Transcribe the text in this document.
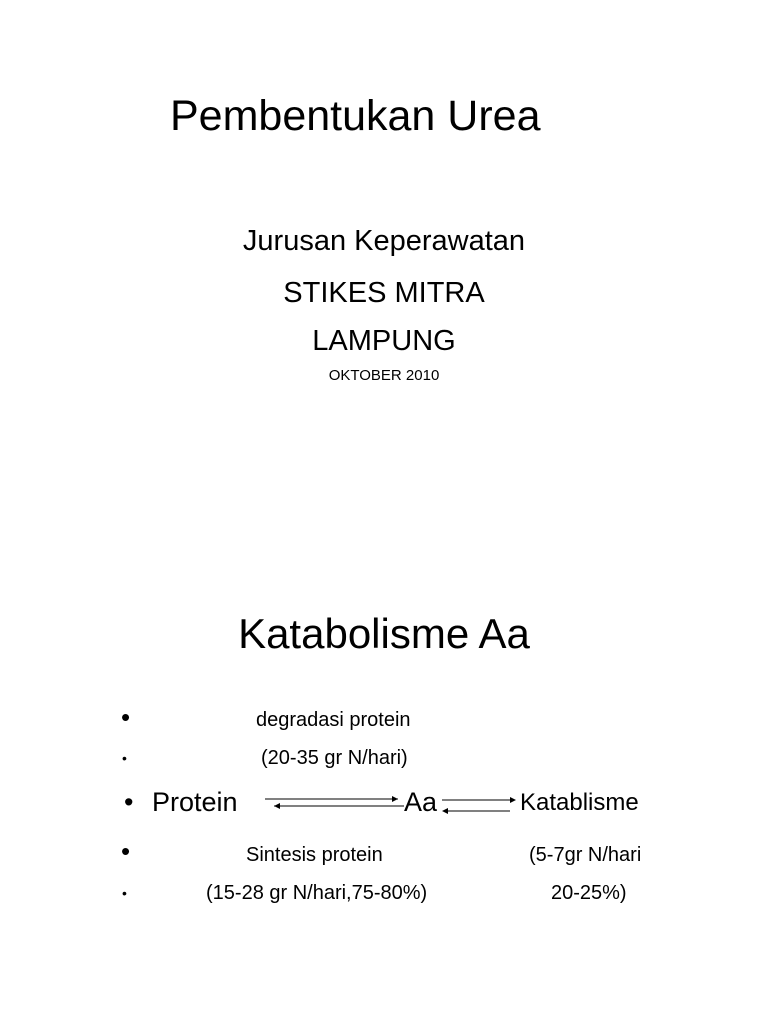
Pembentukan Urea
Jurusan Keperawatan
STIKES MITRA
LAMPUNG
OKTOBER 2010
Katabolisme Aa
•	degradasi protein
•	(20-35 gr N/hari)
• Protein	Aa	Katablisme
•	Sintesis protein	(5-7gr N/hari
•	(15-28 gr N/hari,75-80%)	20-25%)
